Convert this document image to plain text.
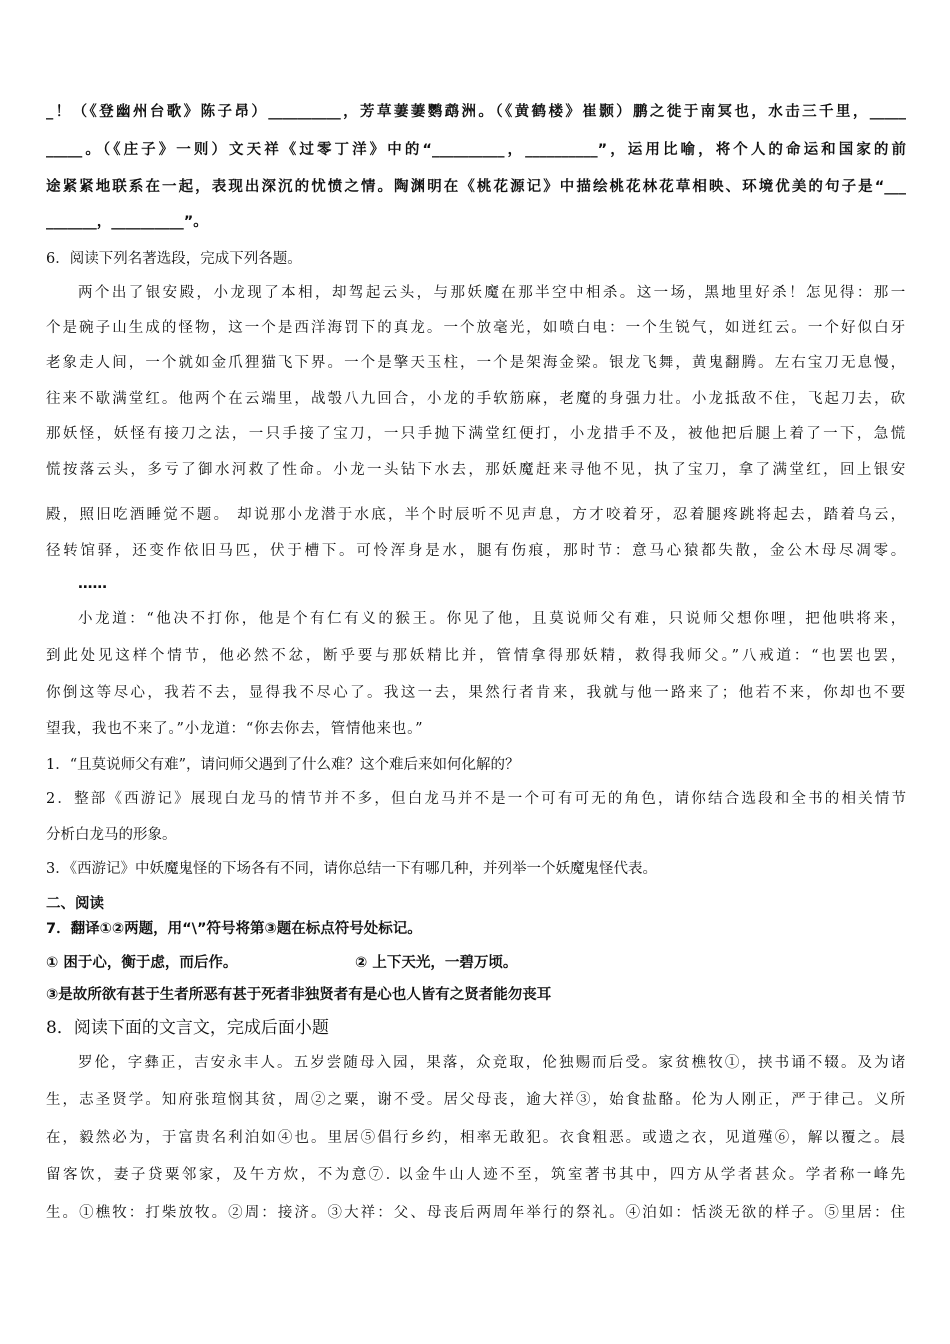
_！（《登幽州台歌》陈子昂）__________，芳草萋萋鹦鹉洲。（《黄鹤楼》崔颢）鹏之徙于南冥也，水击三千里，_____
_____。（《庄子》一则）文天祥《过零丁洋》中的“__________，__________”，运用比喻，将个人的命运和国家的前
途紧紧地联系在一起，表现出深沉的忧愤之情。陶渊明在《桃花源记》中描绘桃花林花草相映、环境优美的句子是“___
_______，__________”。
6．阅读下列名著选段，完成下列各题。
两个出了银安殿，小龙现了本相，却驾起云头，与那妖魔在那半空中相杀。这一场，黑地里好杀！怎见得：那一
个是碗子山生成的怪物，这一个是西洋海罚下的真龙。一个放毫光，如喷白电：一个生锐气，如迸红云。一个好似白牙
老象走人间，一个就如金爪狸猫飞下界。一个是擎天玉柱，一个是架海金梁。银龙飞舞，黄鬼翻腾。左右宝刀无息慢，
往来不歇满堂红。他两个在云端里，战彀八九回合，小龙的手软筋麻，老魔的身强力壮。小龙抵敌不住，飞起刀去，砍
那妖怪，妖怪有接刀之法，一只手接了宝刀，一只手抛下满堂红便打，小龙措手不及，被他把后腿上着了一下，急慌
慌按落云头，多亏了御水河救了性命。小龙一头钻下水去，那妖魔赶来寻他不见，执了宝刀，拿了满堂红，回上银安
殿，照旧吃酒睡觉不题。 却说那小龙潜于水底，半个时辰听不见声息，方才咬着牙，忍着腿疼跳将起去，踏着乌云，
径转馆驿，还变作依旧马匹，伏于槽下。可怜浑身是水，腿有伤痕，那时节：意马心猿都失散，金公木母尽凋零。
……
小龙道：“他决不打你，他是个有仁有义的猴王。你见了他，且莫说师父有难，只说师父想你哩，把他哄将来，
到此处见这样个情节，他必然不忿，断乎要与那妖精比并，管情拿得那妖精，救得我师父。”八戒道：“也罢也罢，
你倒这等尽心，我若不去，显得我不尽心了。我这一去，果然行者肯来，我就与他一路来了；他若不来，你却也不要
望我，我也不来了。”小龙道：“你去你去，管情他来也。”
1．“且莫说师父有难”，请问师父遇到了什么难？这个难后来如何化解的？
2．整部《西游记》展现白龙马的情节并不多，但白龙马并不是一个可有可无的角色，请你结合选段和全书的相关情节
分析白龙马的形象。
3．《西游记》中妖魔鬼怪的下场各有不同，请你总结一下有哪几种，并列举一个妖魔鬼怪代表。
二、阅读
7．翻译①②两题，用“\”符号将第③题在标点符号处标记。
① 困于心，衡于虑，而后作。	② 上下天光，一碧万顷。
③是故所欲有甚于生者所恶有甚于死者非独贤者有是心也人皆有之贤者能勿丧耳
8．阅读下面的文言文，完成后面小题
罗伦，字彝正，吉安永丰人。五岁尝随母入园，果落，众竞取，伦独赐而后受。家贫樵牧①，挟书诵不辍。及为诸
生，志圣贤学。知府张瑄悯其贫，周②之粟，谢不受。居父母丧，逾大祥③，始食盐酪。伦为人刚正，严于律己。义所
在，毅然必为，于富贵名利泊如④也。里居⑤倡行乡约，相率无敢犯。衣食粗恶。或遗之衣，见道殣⑥，解以覆之。晨
留客饮，妻子贷粟邻家，及午方炊，不为意⑦. 以金牛山人迹不至，筑室著书其中，四方从学者甚众。学者称一峰先
生。①樵牧：打柴放牧。②周：接济。③大祥：父、母丧后两周年举行的祭礼。④泊如：恬淡无欲的样子。⑤里居：住
